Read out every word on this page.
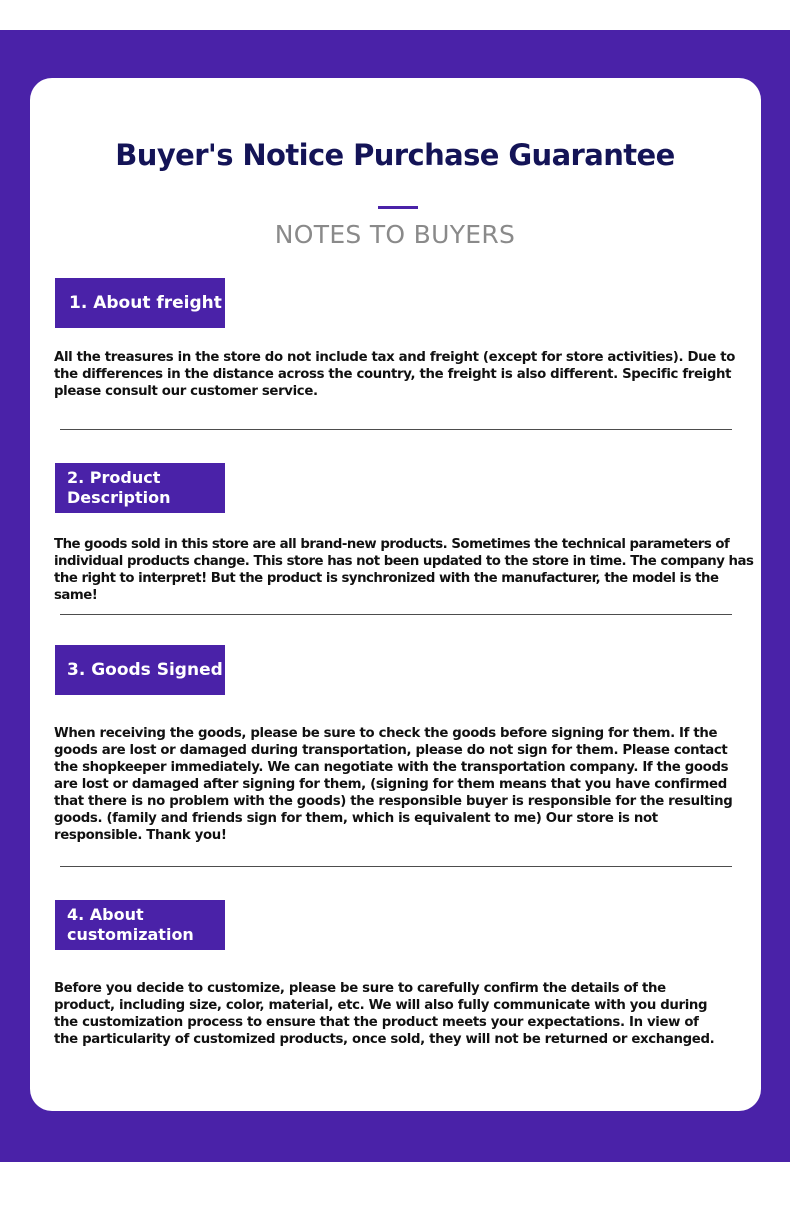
Buyer's Notice Purchase Guarantee
NOTES TO BUYERS
1. About freight

All the treasures in the store do not include tax and freight (except for store activities). Due to the differences in the distance across the country, the freight is also different. Specific freight please consult our customer service.

2. Product Description

The goods sold in this store are all brand-new products. Sometimes the technical parameters of individual products change. This store has not been updated to the store in time. The company has the right to interpret! But the product is synchronized with the manufacturer, the model is the same!

3. Goods Signed

When receiving the goods, please be sure to check the goods before signing for them. If the goods are lost or damaged during transportation, please do not sign for them. Please contact the shopkeeper immediately. We can negotiate with the transportation company. If the goods are lost or damaged after signing for them, (signing for them means that you have confirmed that there is no problem with the goods) the responsible buyer is responsible for the resulting goods. (family and friends sign for them, which is equivalent to me) Our store is not responsible. Thank you!

4. About customization

Before you decide to customize, please be sure to carefully confirm the details of the product, including size, color, material, etc. We will also fully communicate with you during the customization process to ensure that the product meets your expectations. In view of the particularity of customized products, once sold, they will not be returned or exchanged.
